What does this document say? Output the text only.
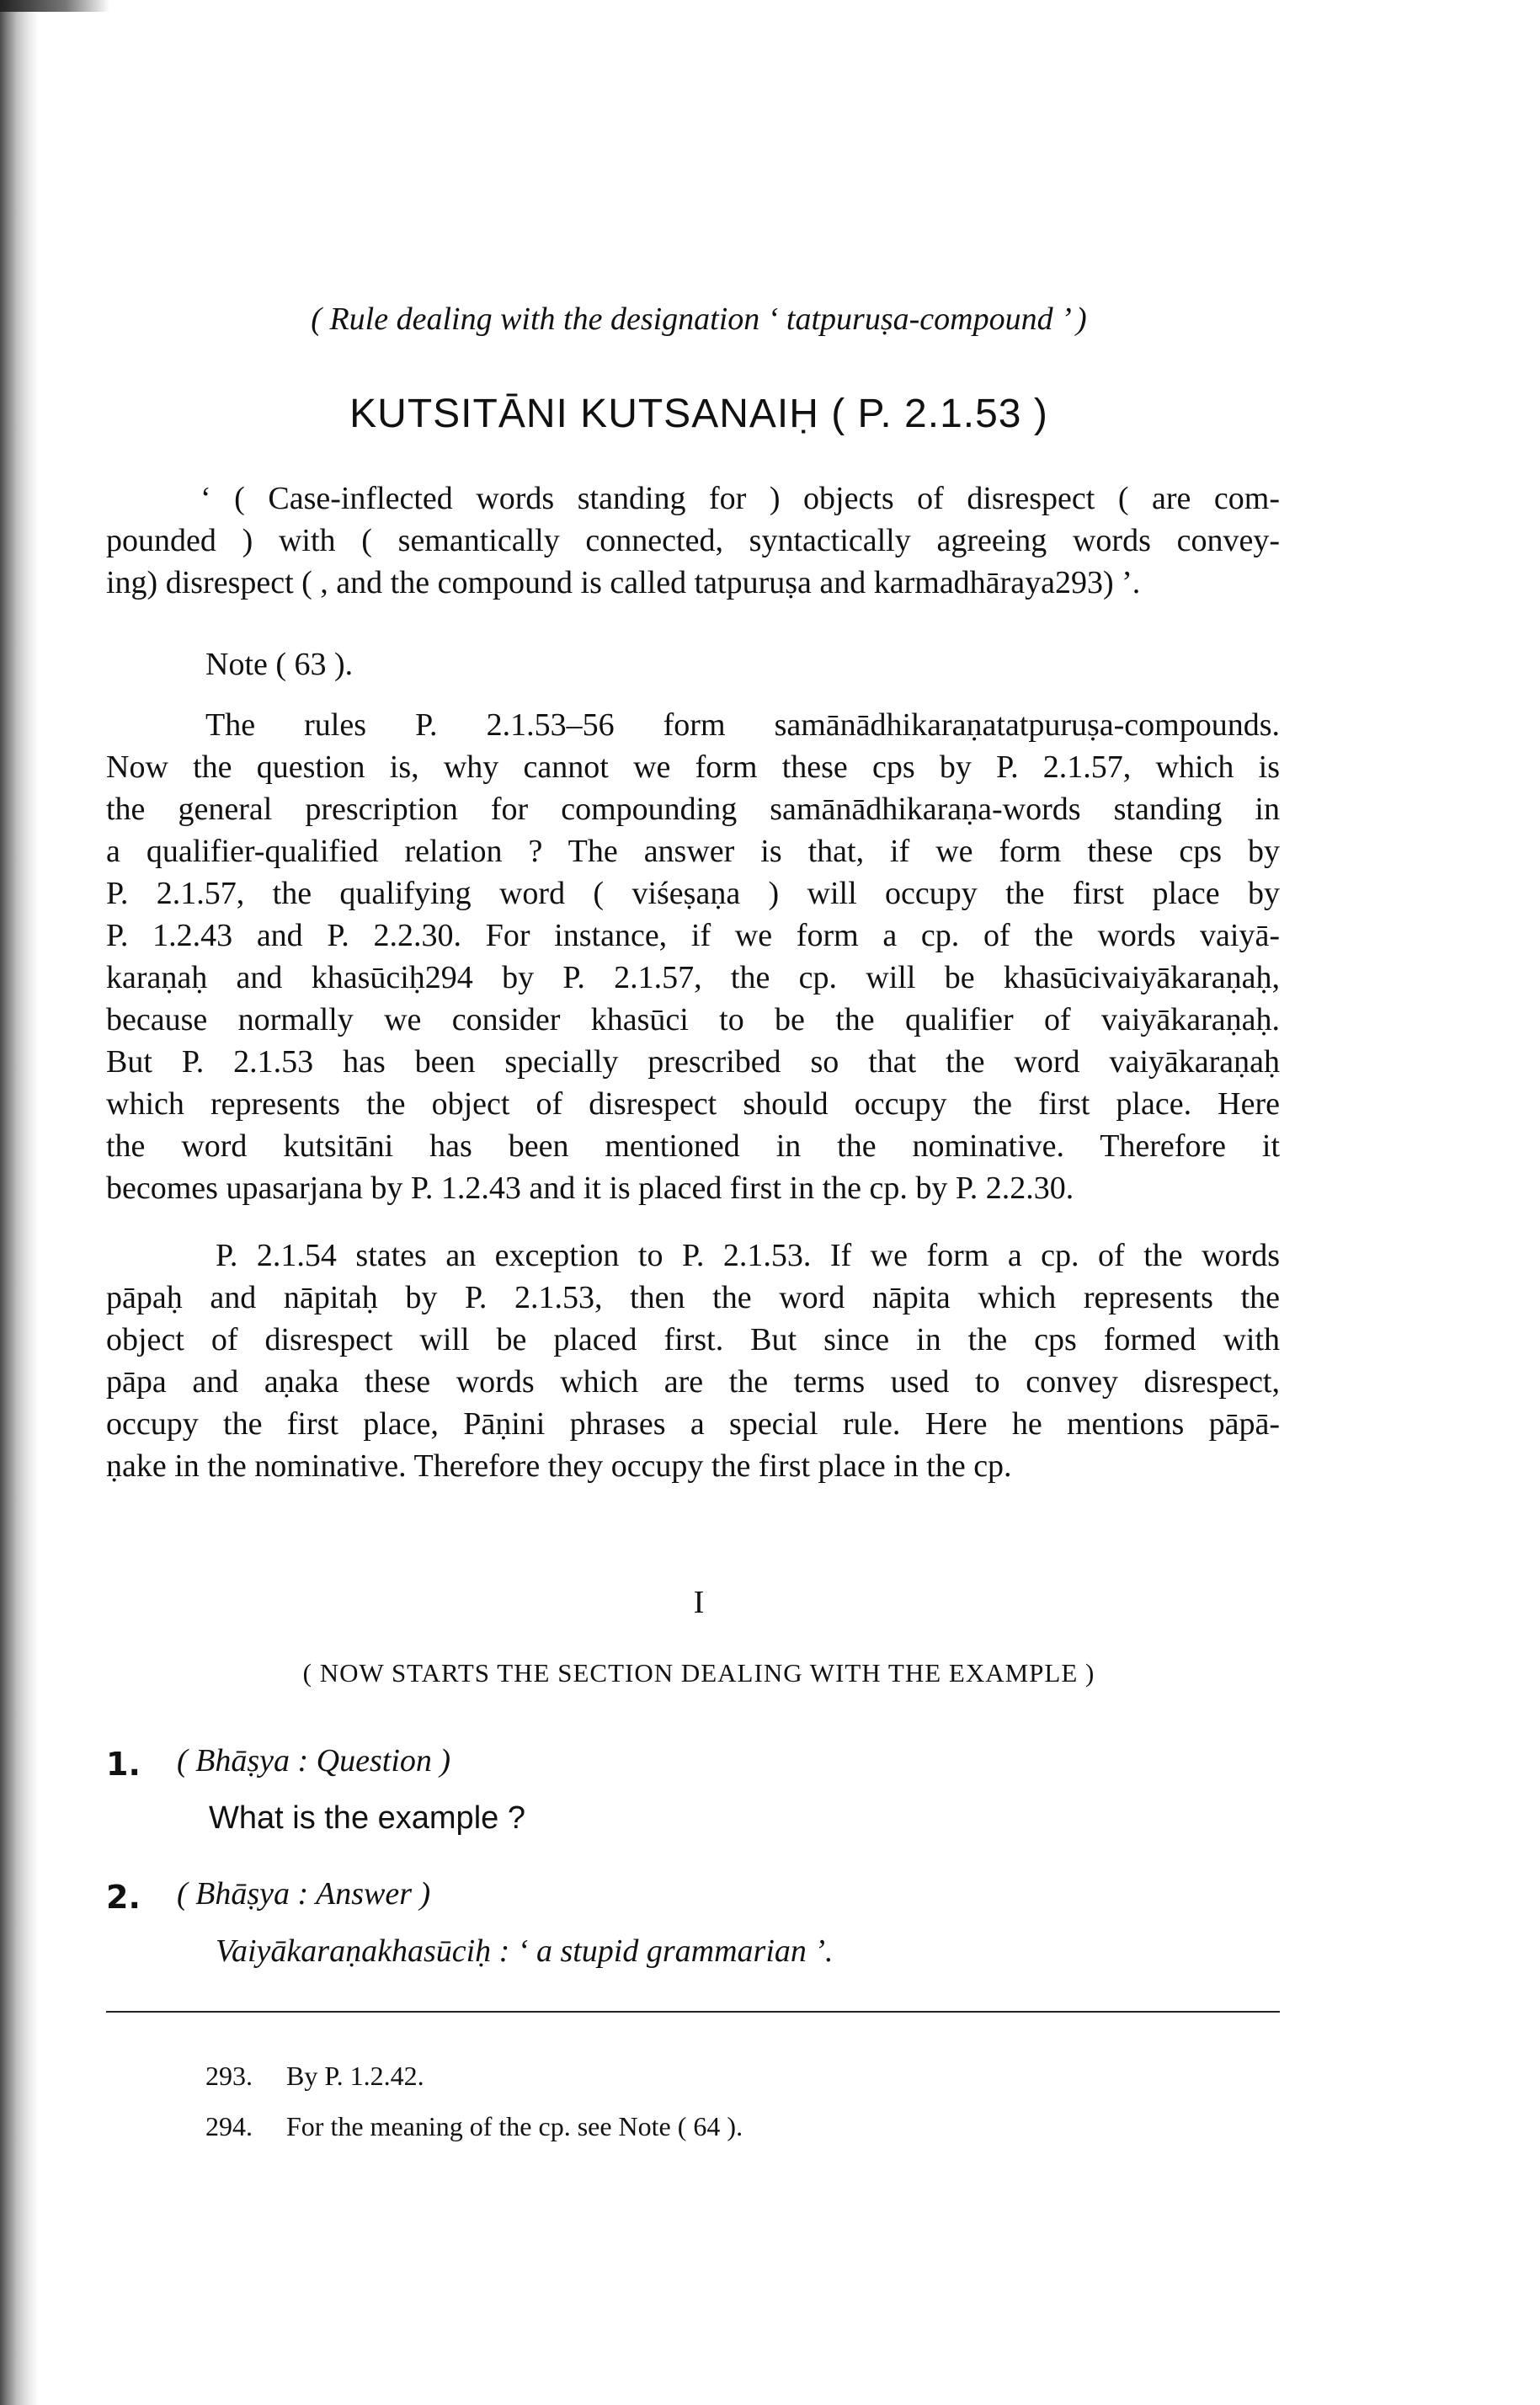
( Rule dealing with the designation ‘ tatpuruṣa-compound ’ )
KUTSITĀNI KUTSANAIḤ ( P. 2.1.53 )
‘ ( Case-inflected words standing for ) objects of disrespect ( are com-
pounded ) with ( semantically connected, syntactically agreeing words convey-
ing) disrespect ( , and the compound is called tatpuruṣa and karmadhāraya293) ’.
Note ( 63 ).
The rules P. 2.1.53–56 form samānādhikaraṇatatpuruṣa-compounds.
Now the question is, why cannot we form these cps by P. 2.1.57, which is
the general prescription for compounding samānādhikaraṇa-words standing in
a qualifier-qualified relation ? The answer is that, if we form these cps by
P. 2.1.57, the qualifying word ( viśeṣaṇa ) will occupy the first place by
P. 1.2.43 and P. 2.2.30. For instance, if we form a cp. of the words vaiyā-
karaṇaḥ and khasūciḥ294 by P. 2.1.57, the cp. will be khasūcivaiyākaraṇaḥ,
because normally we consider khasūci to be the qualifier of vaiyākaraṇaḥ.
But P. 2.1.53 has been specially prescribed so that the word vaiyākaraṇaḥ
which represents the object of disrespect should occupy the first place. Here
the word kutsitāni has been mentioned in the nominative. Therefore it
becomes upasarjana by P. 1.2.43 and it is placed first in the cp. by P. 2.2.30.
P. 2.1.54 states an exception to P. 2.1.53. If we form a cp. of the words
pāpaḥ and nāpitaḥ by P. 2.1.53, then the word nāpita which represents the
object of disrespect will be placed first. But since in the cps formed with
pāpa and aṇaka these words which are the terms used to convey disrespect,
occupy the first place, Pāṇini phrases a special rule. Here he mentions pāpā-
ṇake in the nominative. Therefore they occupy the first place in the cp.
I
( NOW STARTS THE SECTION DEALING WITH THE EXAMPLE )
1. ( Bhāṣya : Question )
What is the example ?
2. ( Bhāṣya : Answer )
Vaiyākaraṇakhasūciḥ : ‘ a stupid grammarian ’.
293. By P. 1.2.42.
294. For the meaning of the cp. see Note ( 64 ).
